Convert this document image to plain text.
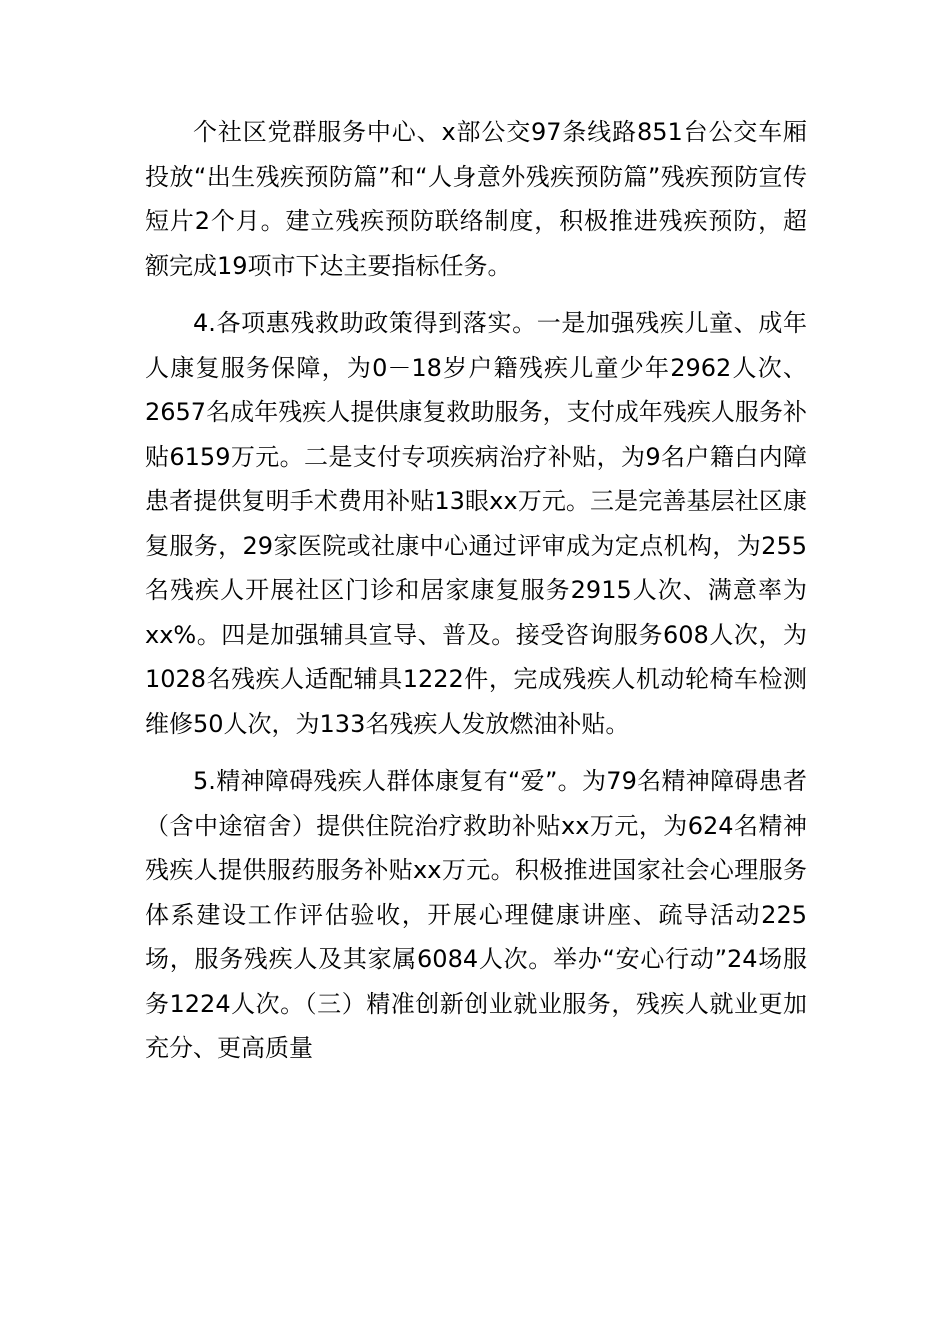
个社区党群服务中心、x部公交97条线路851台公交车厢投放“出生残疾预防篇”和“人身意外残疾预防篇”残疾预防宣传短片2个月。建立残疾预防联络制度，积极推进残疾预防，超额完成19项市下达主要指标任务。

4.各项惠残救助政策得到落实。一是加强残疾儿童、成年人康复服务保障，为0－18岁户籍残疾儿童少年2962人次、2657名成年残疾人提供康复救助服务，支付成年残疾人服务补贴6159万元。二是支付专项疾病治疗补贴，为9名户籍白内障患者提供复明手术费用补贴13眼xx万元。三是完善基层社区康复服务，29家医院或社康中心通过评审成为定点机构，为255名残疾人开展社区门诊和居家康复服务2915人次、满意率为xx%。四是加强辅具宣导、普及。接受咨询服务608人次，为1028名残疾人适配辅具1222件，完成残疾人机动轮椅车检测维修50人次，为133名残疾人发放燃油补贴。

5.精神障碍残疾人群体康复有“爱”。为79名精神障碍患者（含中途宿舍）提供住院治疗救助补贴xx万元，为624名精神残疾人提供服药服务补贴xx万元。积极推进国家社会心理服务体系建设工作评估验收，开展心理健康讲座、疏导活动225场，服务残疾人及其家属6084人次。举办“安心行动”24场服务1224人次。（三）精准创新创业就业服务，残疾人就业更加充分、更高质量
